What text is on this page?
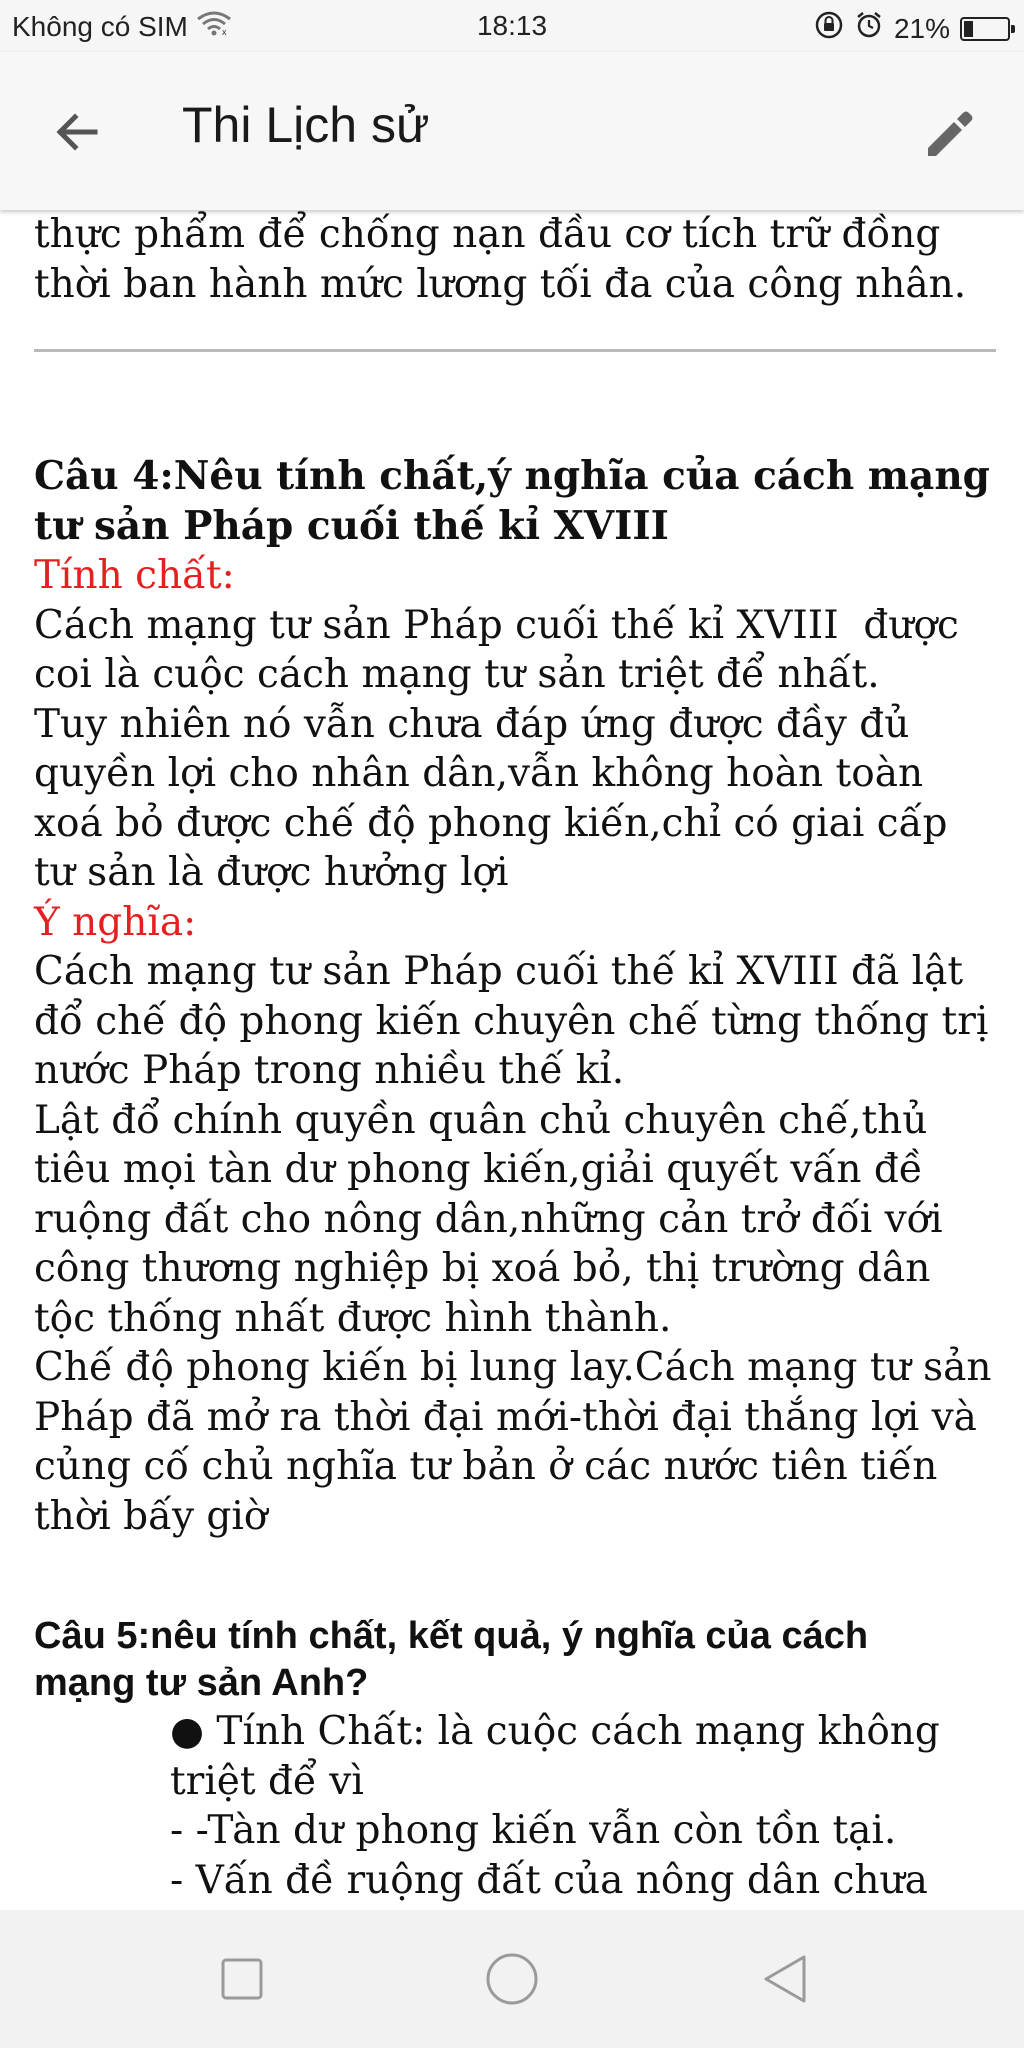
Không có SIM	x	18:13	21%
Thi Lịch sử
thực phẩm để chống nạn đầu cơ tích trữ đồng
thời ban hành mức lương tối đa của công nhân.
Câu 4:Nêu tính chất,ý nghĩa của cách mạng
tư sản Pháp cuối thế kỉ XVIII
Tính chất:
Cách mạng tư sản Pháp cuối thế kỉ XVIII  được
coi là cuộc cách mạng tư sản triệt để nhất.
Tuy nhiên nó vẫn chưa đáp ứng được đầy đủ
quyền lợi cho nhân dân,vẫn không hoàn toàn
xoá bỏ được chế độ phong kiến,chỉ có giai cấp
tư sản là được hưởng lợi
Ý nghĩa:
Cách mạng tư sản Pháp cuối thế kỉ XVIII đã lật
đổ chế độ phong kiến chuyên chế từng thống trị
nước Pháp trong nhiều thế kỉ.
Lật đổ chính quyền quân chủ chuyên chế,thủ
tiêu mọi tàn dư phong kiến,giải quyết vấn đề
ruộng đất cho nông dân,những cản trở đối với
công thương nghiệp bị xoá bỏ, thị trường dân
tộc thống nhất được hình thành.
Chế độ phong kiến bị lung lay.Cách mạng tư sản
Pháp đã mở ra thời đại mới-thời đại thắng lợi và
củng cố chủ nghĩa tư bản ở các nước tiên tiến
thời bấy giờ
Câu 5:nêu tính chất, kết quả, ý nghĩa của cách
mạng tư sản Anh?
● Tính Chất: là cuộc cách mạng không
triệt để vì
- -Tàn dư phong kiến vẫn còn tồn tại.
- Vấn đề ruộng đất của nông dân chưa
